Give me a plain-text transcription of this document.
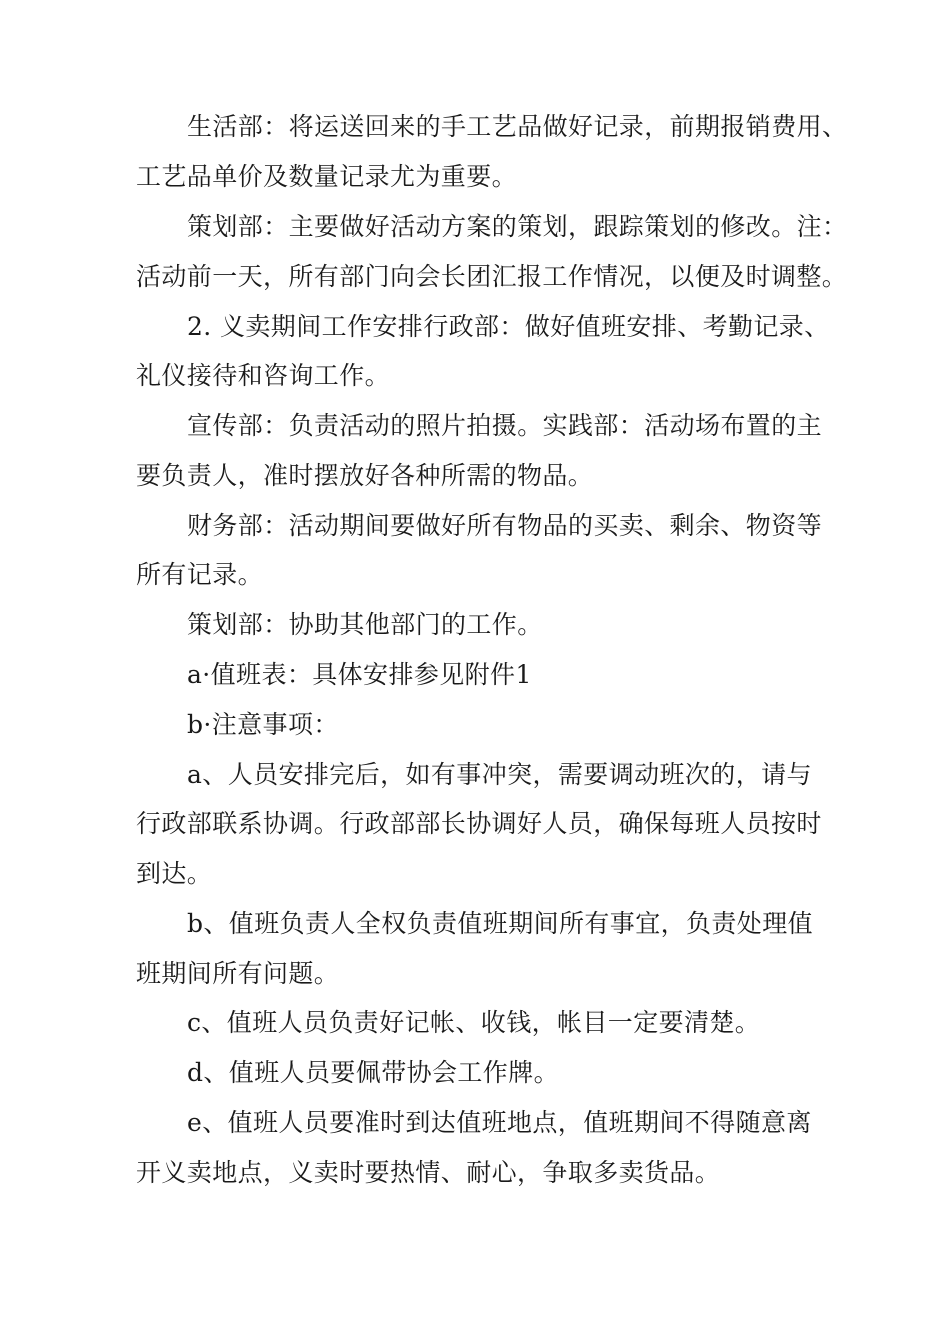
生活部：将运送回来的手工艺品做好记录，前期报销费用、
工艺品单价及数量记录尤为重要。
策划部：主要做好活动方案的策划，跟踪策划的修改。注：
活动前一天，所有部门向会长团汇报工作情况，以便及时调整。
2. 义卖期间工作安排行政部：做好值班安排、考勤记录、
礼仪接待和咨询工作。
宣传部：负责活动的照片拍摄。实践部：活动场布置的主
要负责人，准时摆放好各种所需的物品。
财务部：活动期间要做好所有物品的买卖、剩余、物资等
所有记录。
策划部：协助其他部门的工作。
a·值班表：具体安排参见附件1
b·注意事项：
a、人员安排完后，如有事冲突，需要调动班次的，请与
行政部联系协调。行政部部长协调好人员，确保每班人员按时
到达。
b、值班负责人全权负责值班期间所有事宜，负责处理值
班期间所有问题。
c、值班人员负责好记帐、收钱，帐目一定要清楚。
d、值班人员要佩带协会工作牌。
e、值班人员要准时到达值班地点，值班期间不得随意离
开义卖地点，义卖时要热情、耐心，争取多卖货品。
